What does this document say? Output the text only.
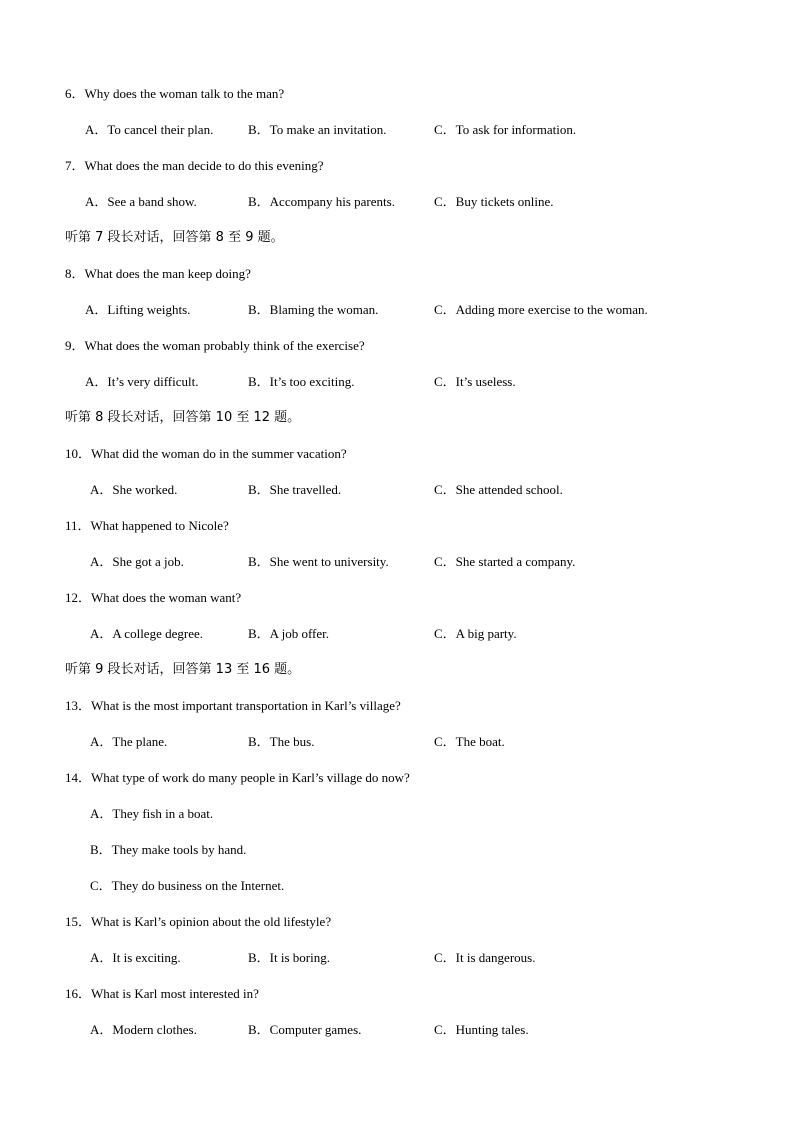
6．Why does the woman talk to the man?
A．To cancel their plan.	B．To make an invitation.	C．To ask for information.
7．What does the man decide to do this evening?
A．See a band show.	B．Accompany his parents.	C．Buy tickets online.
听第 7 段长对话，回答第 8 至 9 题。
8．What does the man keep doing?
A．Lifting weights.	B．Blaming the woman.	C．Adding more exercise to the woman.
9．What does the woman probably think of the exercise?
A．It’s very difficult.	B．It’s too exciting.	C．It’s useless.
听第 8 段长对话，回答第 10 至 12 题。
10．What did the woman do in the summer vacation?
A．She worked.	B．She travelled.	C．She attended school.
11．What happened to Nicole?
A．She got a job.	B．She went to university.	C．She started a company.
12．What does the woman want?
A．A college degree.	B．A job offer.	C．A big party.
听第 9 段长对话，回答第 13 至 16 题。
13．What is the most important transportation in Karl’s village?
A．The plane.	B．The bus.	C．The boat.
14．What type of work do many people in Karl’s village do now?
A．They fish in a boat.
B．They make tools by hand.
C．They do business on the Internet.
15．What is Karl’s opinion about the old lifestyle?
A．It is exciting.	B．It is boring.	C．It is dangerous.
16．What is Karl most interested in?
A．Modern clothes.	B．Computer games.	C．Hunting tales.
